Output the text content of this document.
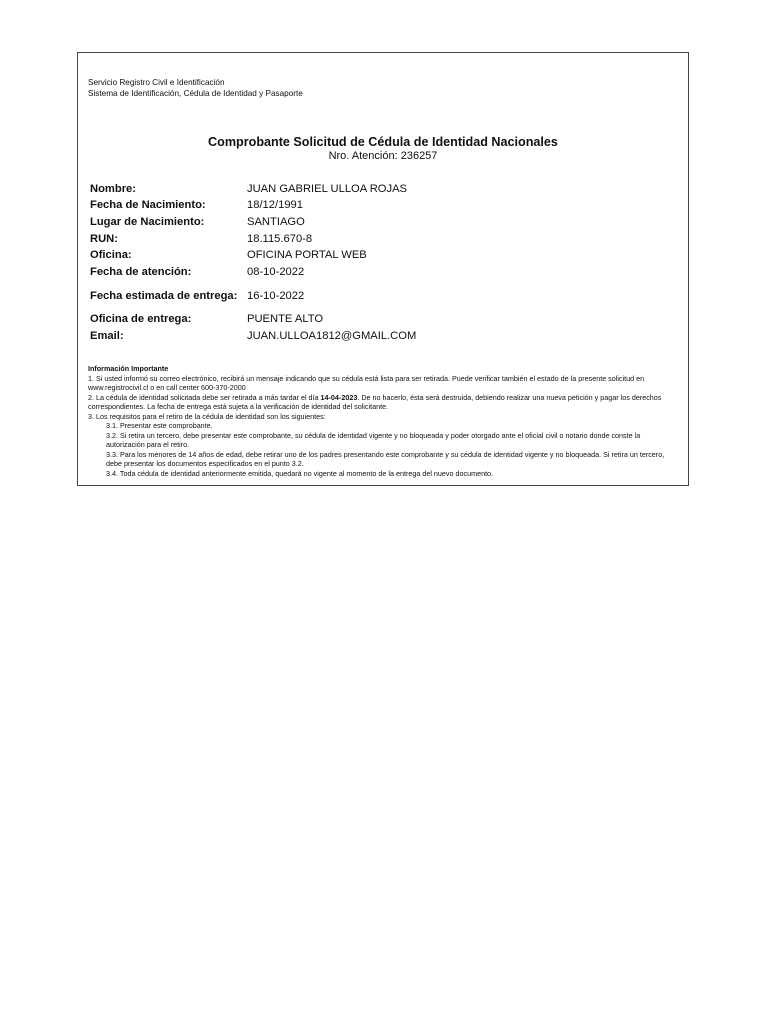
Servicio Registro Civil e Identificación
Sistema de Identificación, Cédula de Identidad y Pasaporte
Comprobante Solicitud de Cédula de Identidad Nacionales
Nro. Atención: 236257
Nombre:	JUAN GABRIEL ULLOA ROJAS
Fecha de Nacimiento:	18/12/1991
Lugar de Nacimiento:	SANTIAGO
RUN:	18.115.670-8
Oficina:	OFICINA PORTAL WEB
Fecha de atención:	08-10-2022
Fecha estimada de entrega:	16-10-2022
Oficina de entrega:	PUENTE ALTO
Email:	JUAN.ULLOA1812@GMAIL.COM
Información Importante

1. Si usted informó su correo electrónico, recibirá un mensaje indicando que su cédula está lista para ser retirada. Puede verificar también el estado de la presente solicitud en www.registrocivil.cl o en call center 600-370-2000

2. La cédula de identidad solicitada debe ser retirada a más tardar el día 14-04-2023. De no hacerlo, ésta será destruida, debiendo realizar una nueva petición y pagar los derechos correspondientes. La fecha de entrega está sujeta a la verificación de identidad del solicitante.

3. Los requisitos para el retiro de la cédula de identidad son los siguientes:

3.1. Presentar este comprobante.

3.2. Si retira un tercero, debe presentar este comprobante, su cédula de identidad vigente y no bloqueada y poder otorgado ante el oficial civil o notario donde conste la autorización para el retiro.

3.3. Para los menores de 14 años de edad, debe retirar uno de los padres presentando este comprobante y su cédula de identidad vigente y no bloqueada. Si retira un tercero, debe presentar los documentos especificados en el punto 3.2.

3.4. Toda cédula de identidad anteriormente emitida, quedará no vigente al momento de la entrega del nuevo documento.
